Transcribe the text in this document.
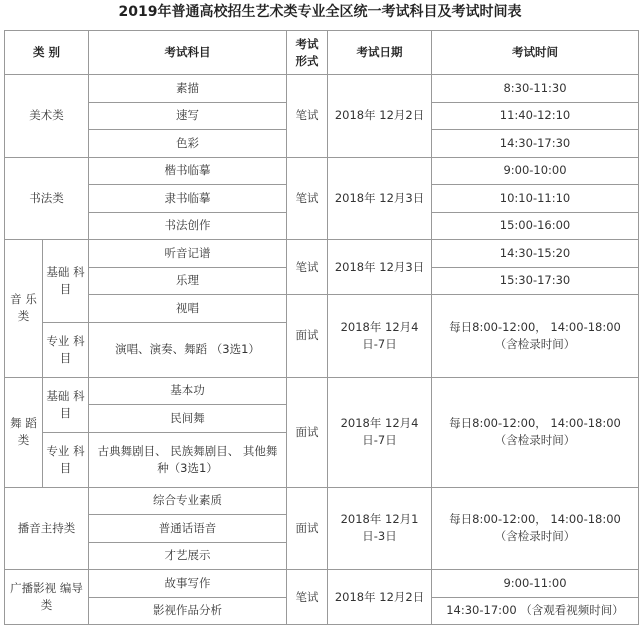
2019年普通高校招生艺术类专业全区统一考试科目及考试时间表
类 别		考试科目	考试 形式	考试日期	考试时间
美术类		素描	笔试	2018年 12月2日	8:30-11:30
		速写			11:40-12:10
		色彩			14:30-17:30
书法类		楷书临摹	笔试	2018年 12月3日	9:00-10:00
		隶书临摹			10:10-11:10
		书法创作			15:00-16:00
音 乐 类	基础 科目	听音记谱	笔试	2018年 12月3日	14:30-15:20
		乐理			15:30-17:30
		视唱	面试	2018年 12月4日-7日	每日8:00-12:00， 14:00-18:00 （含检录时间）
	专业 科目	演唱、演奏、舞蹈 （3选1）			
舞 蹈 类	基础 科目	基本功	面试	2018年 12月4日-7日	每日8:00-12:00， 14:00-18:00 （含检录时间）
		民间舞			
	专业 科目	古典舞剧目、 民族舞剧目、 其他舞种（3选1）			
播音主持类		综合专业素质	面试	2018年 12月1日-3日	每日8:00-12:00， 14:00-18:00 （含检录时间）
		普通话语音			
		才艺展示			
广播影视 编导类		故事写作	笔试	2018年 12月2日	9:00-11:00
		影视作品分析			14:30-17:00 （含观看视频时间）
